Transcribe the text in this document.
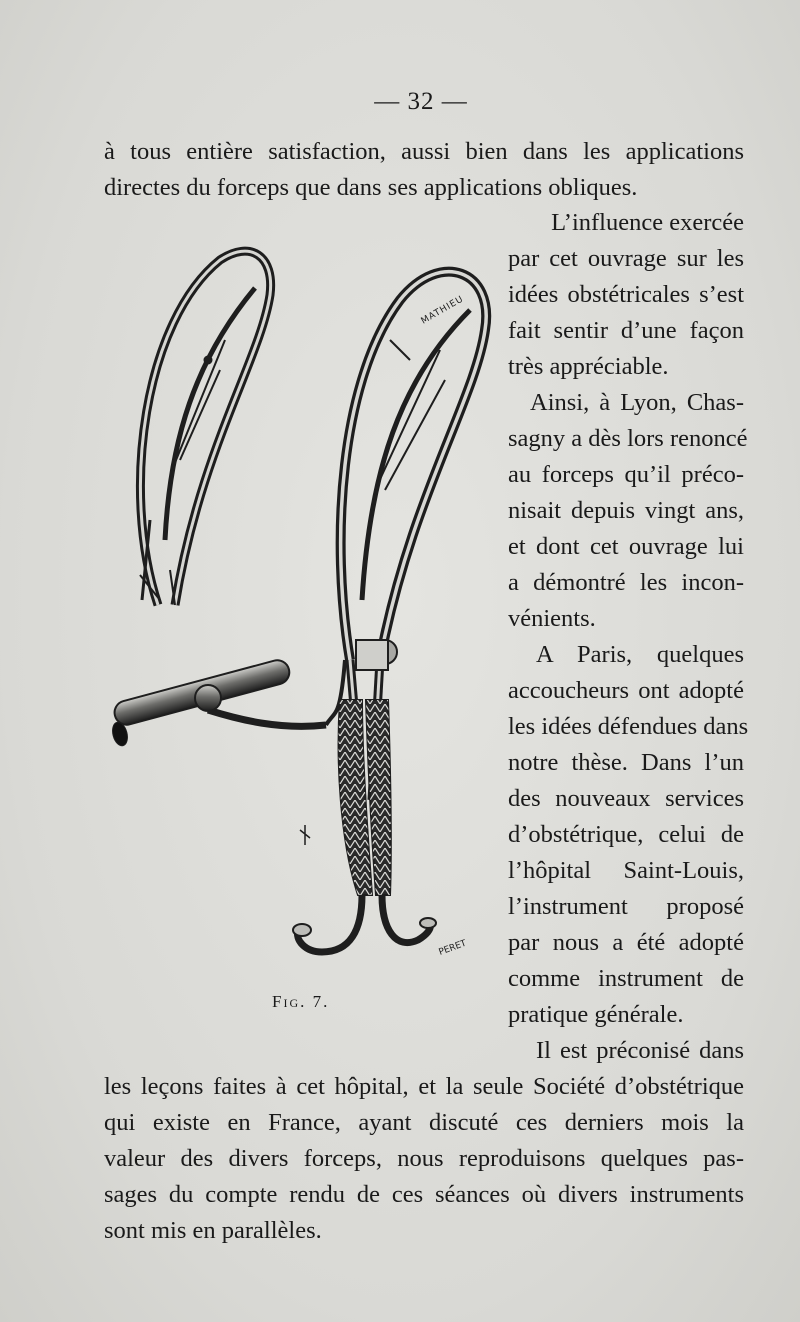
— 32 —
à tous entière satisfaction, aussi bien dans les applications
directes du forceps que dans ses applications obliques.
L’influence exercée
par cet ouvrage sur les
idées obstétricales s’est
fait sentir d’une façon
très appréciable.
Ainsi, à Lyon, Chas-
sagny a dès lors renoncé
au forceps qu’il préco-
nisait depuis vingt ans,
et dont cet ouvrage lui
a démontré les incon-
vénients.
A Paris, quelques
accoucheurs ont adopté
les idées défendues dans
notre thèse. Dans l’un
des nouveaux services
d’obstétrique, celui de
l’hôpital Saint-Louis,
l’instrument proposé
par nous a été adopté
comme instrument de
pratique générale.
Il est préconisé dans
les leçons faites à cet hôpital, et la seule Société d’obstétrique
qui existe en France, ayant discuté ces derniers mois la
valeur des divers forceps, nous reproduisons quelques pas-
sages du compte rendu de ces séances où divers instruments
sont mis en parallèles.
MATHIEU
PERET
Fig. 7.
